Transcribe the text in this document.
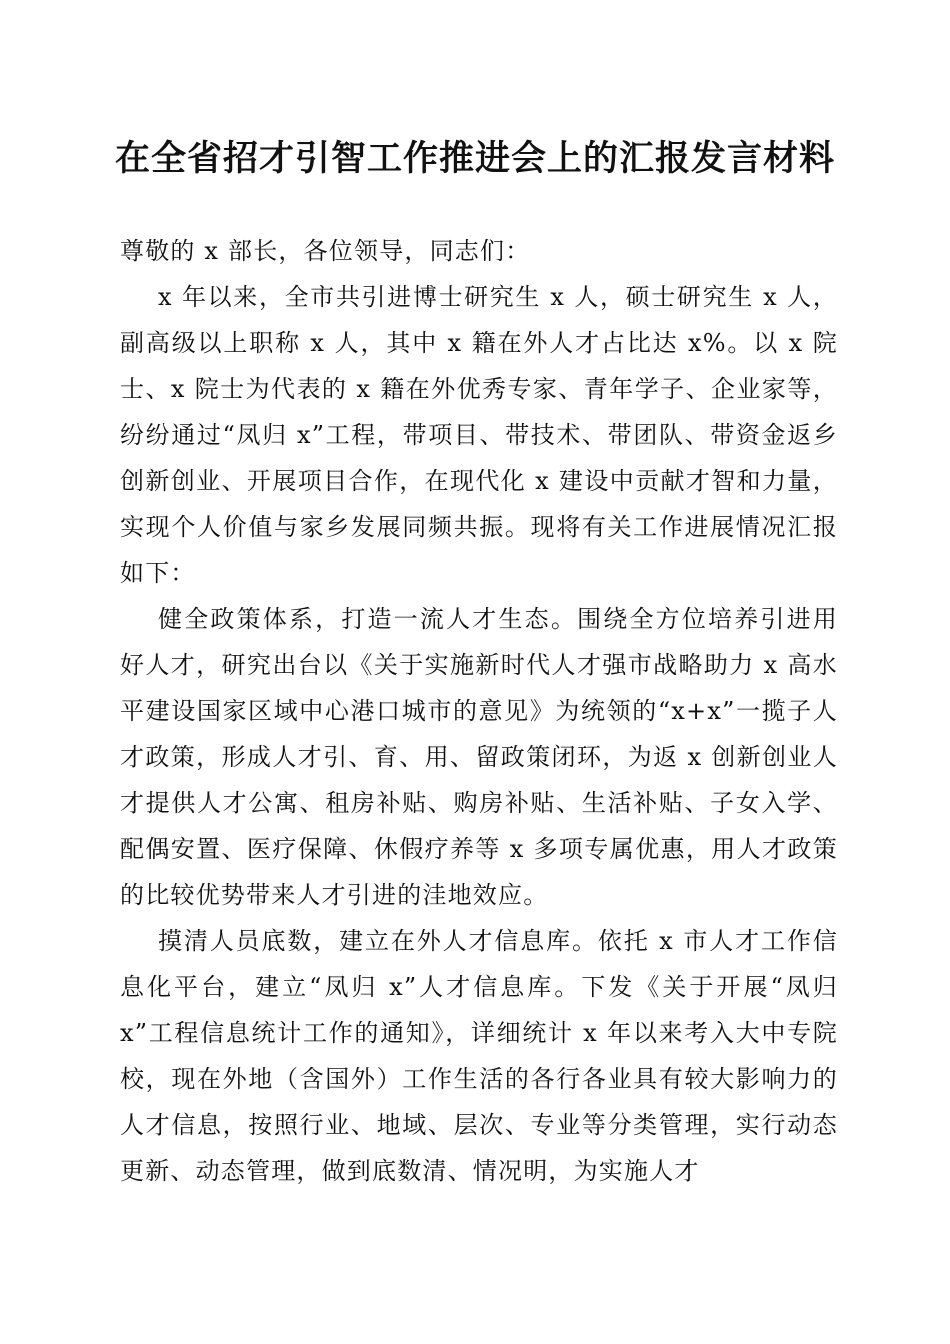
在全省招才引智工作推进会上的汇报发言材料

尊敬的 x 部长，各位领导，同志们：

x 年以来，全市共引进博士研究生 x 人，硕士研究生 x 人，副高级以上职称 x 人，其中 x 籍在外人才占比达 x%。以 x 院士、x 院士为代表的 x 籍在外优秀专家、青年学子、企业家等，纷纷通过“凤归 x”工程，带项目、带技术、带团队、带资金返乡创新创业、开展项目合作，在现代化 x 建设中贡献才智和力量，实现个人价值与家乡发展同频共振。现将有关工作进展情况汇报如下：

健全政策体系，打造一流人才生态。围绕全方位培养引进用好人才，研究出台以《关于实施新时代人才强市战略助力 x 高水平建设国家区域中心港口城市的意见》为统领的“x+x”一揽子人才政策，形成人才引、育、用、留政策闭环，为返 x 创新创业人才提供人才公寓、租房补贴、购房补贴、生活补贴、子女入学、配偶安置、医疗保障、休假疗养等 x 多项专属优惠，用人才政策的比较优势带来人才引进的洼地效应。

摸清人员底数，建立在外人才信息库。依托 x 市人才工作信息化平台，建立“凤归 x”人才信息库。下发《关于开展“凤归 x”工程信息统计工作的通知》，详细统计 x 年以来考入大中专院校，现在外地（含国外）工作生活的各行各业具有较大影响力的人才信息，按照行业、地域、层次、专业等分类管理，实行动态更新、动态管理，做到底数清、情况明，为实施人才
